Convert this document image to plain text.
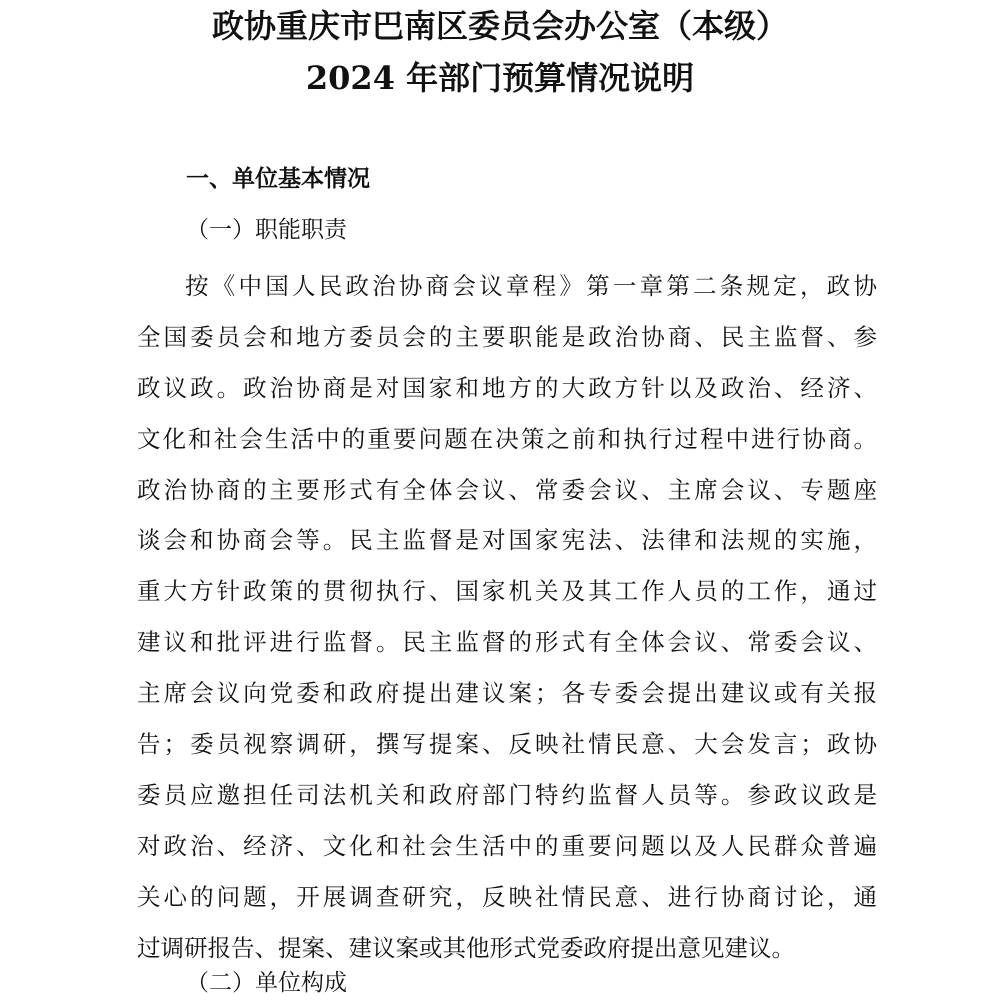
政协重庆市巴南区委员会办公室（本级）
2024 年部门预算情况说明
一、单位基本情况
（一）职能职责
按《中国人民政治协商会议章程》第一章第二条规定，政协
全国委员会和地方委员会的主要职能是政治协商、民主监督、参
政议政。政治协商是对国家和地方的大政方针以及政治、经济、
文化和社会生活中的重要问题在决策之前和执行过程中进行协商。
政治协商的主要形式有全体会议、常委会议、主席会议、专题座
谈会和协商会等。民主监督是对国家宪法、法律和法规的实施，
重大方针政策的贯彻执行、国家机关及其工作人员的工作，通过
建议和批评进行监督。民主监督的形式有全体会议、常委会议、
主席会议向党委和政府提出建议案；各专委会提出建议或有关报
告；委员视察调研，撰写提案、反映社情民意、大会发言；政协
委员应邀担任司法机关和政府部门特约监督人员等。参政议政是
对政治、经济、文化和社会生活中的重要问题以及人民群众普遍
关心的问题，开展调查研究，反映社情民意、进行协商讨论，通
过调研报告、提案、建议案或其他形式党委政府提出意见建议。
（二）单位构成
